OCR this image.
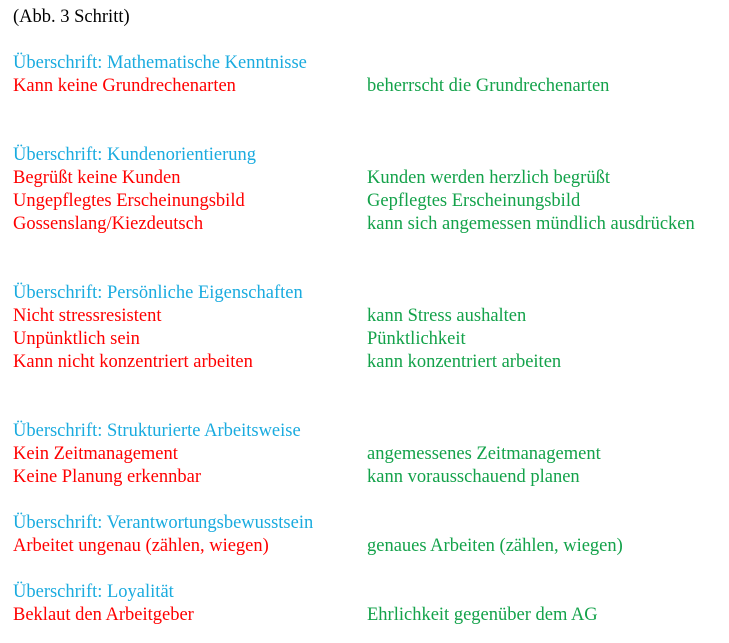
(Abb. 3 Schritt)
Überschrift: Mathematische Kenntnisse
Kann keine Grundrechenarten	beherrscht die Grundrechenarten
Überschrift: Kundenorientierung
Begrüßt keine Kunden	Kunden werden herzlich begrüßt
Ungepflegtes Erscheinungsbild	Gepflegtes Erscheinungsbild
Gossenslang/Kiezdeutsch	kann sich angemessen mündlich ausdrücken
Überschrift: Persönliche Eigenschaften
Nicht stressresistent	kann Stress aushalten
Unpünktlich sein	Pünktlichkeit
Kann nicht konzentriert arbeiten	kann konzentriert arbeiten
Überschrift: Strukturierte Arbeitsweise
Kein Zeitmanagement	angemessenes Zeitmanagement
Keine Planung erkennbar	kann vorausschauend planen
Überschrift: Verantwortungsbewusstsein
Arbeitet ungenau (zählen, wiegen)	genaues Arbeiten (zählen, wiegen)
Überschrift: Loyalität
Beklaut den Arbeitgeber	Ehrlichkeit gegenüber dem AG
